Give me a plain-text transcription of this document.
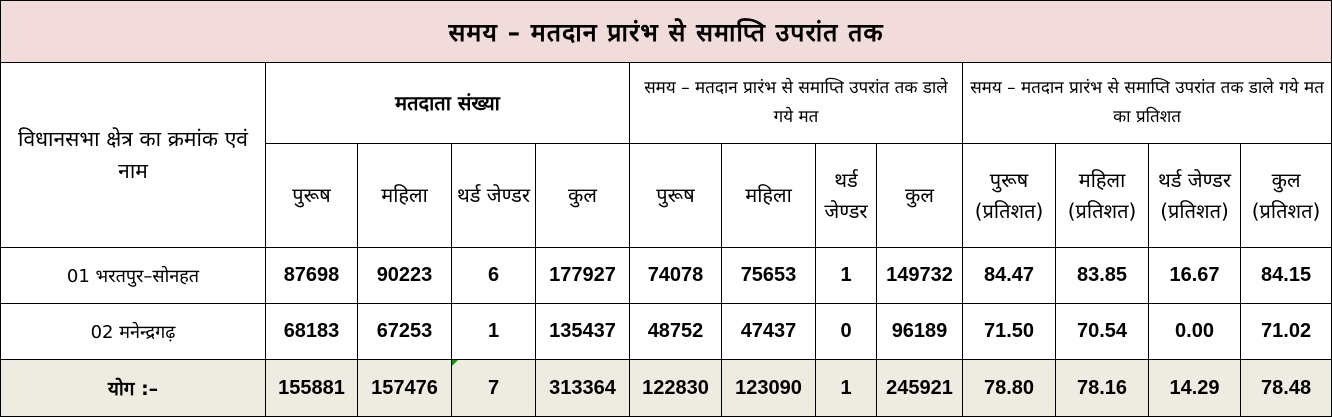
समय – मतदान प्रारंभ से समाप्ति उपरांत तक												
विधानसभा क्षेत्र का क्रमांक एवं नाम	मतदाता संख्या				समय – मतदान प्रारंभ से समाप्ति उपरांत तक डाले गये मत				समय – मतदान प्रारंभ से समाप्ति उपरांत तक डाले गये मत का प्रतिशत			
	पुरूष	महिला	थर्ड जेण्डर	कुल	पुरूष	महिला	थर्ड जेण्डर	कुल	पुरूष (प्रतिशत)	महिला (प्रतिशत)	थर्ड जेण्डर (प्रतिशत)	कुल (प्रतिशत)
01 भरतपुर–सोनहत	87698	90223	6	177927	74078	75653	1	149732	84.47	83.85	16.67	84.15
02 मनेन्द्रगढ़	68183	67253	1	135437	48752	47437	0	96189	71.50	70.54	0.00	71.02
योग :–	155881	157476	7	313364	122830	123090	1	245921	78.80	78.16	14.29	78.48
